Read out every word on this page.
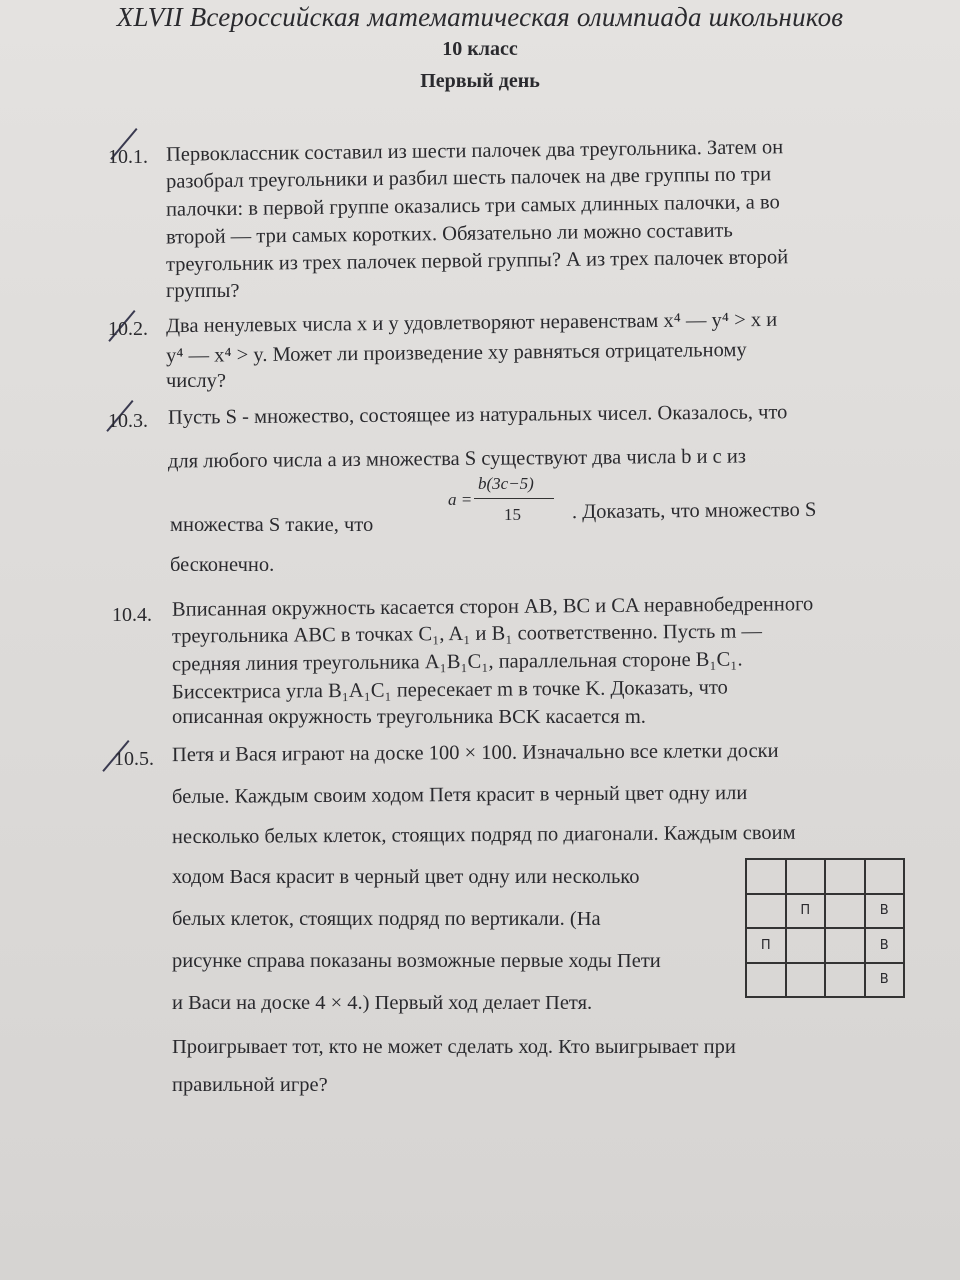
XLVII Всероссийская математическая олимпиада школьников
10 класс
Первый день
10.1. Первоклассник составил из шести палочек два треугольника. Затем он
разобрал треугольники и разбил шесть палочек на две группы по три
палочки: в первой группе оказались три самых длинных палочки, а во
второй — три самых коротких. Обязательно ли можно составить
треугольник из трех палочек первой группы? А из трех палочек второй
группы?
10.2. Два ненулевых числа x и y удовлетворяют неравенствам x⁴ — y⁴ > x и
y⁴ — x⁴ > y. Может ли произведение xy равняться отрицательному
числу?
10.3. Пусть S - множество, состоящее из натуральных чисел. Оказалось, что
для любого числа a из множества S существуют два числа b и c из
множества S такие, что
a =
b(3c−5)
15 . Доказать, что множество S
бесконечно.
10.4. Вписанная окружность касается сторон AB, BC и CA неравнобедренного
треугольника ABC в точках C₁, A₁ и B₁ соответственно. Пусть m —
средняя линия треугольника A₁B₁C₁, параллельная стороне B₁C₁.
Биссектриса угла B₁A₁C₁ пересекает m в точке K. Доказать, что
описанная окружность треугольника BCK касается m.
10.5. Петя и Вася играют на доске 100 × 100. Изначально все клетки доски
белые. Каждым своим ходом Петя красит в черный цвет одну или
несколько белых клеток, стоящих подряд по диагонали. Каждым своим
ходом Вася красит в черный цвет одну или несколько
белых клеток, стоящих подряд по вертикали. (На
рисунке справа показаны возможные первые ходы Пети
и Васи на доске 4 × 4.) Первый ход делает Петя.
Проигрывает тот, кто не может сделать ход. Кто выигрывает при
правильной игре?
П	В
П	В
В
